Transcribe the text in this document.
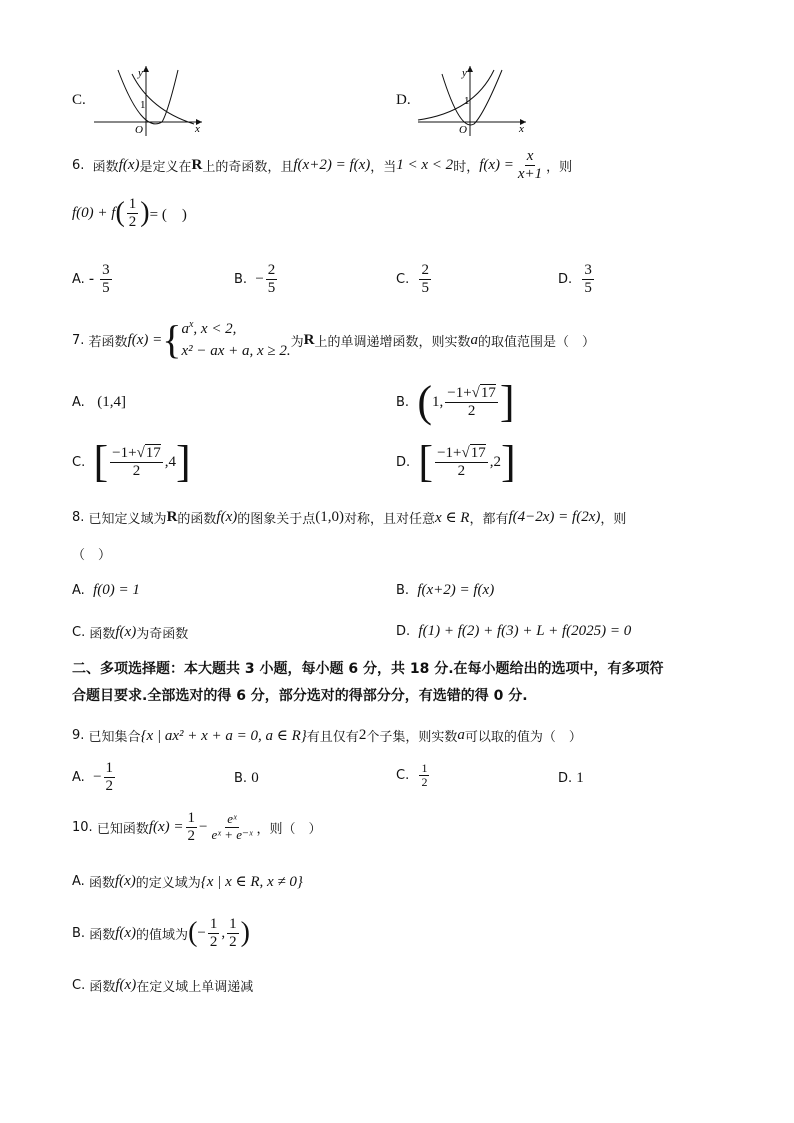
C.
y
x
O
1	D.
y
x
O
1
6.
函数 f(x) 是定义在 R 上的奇函数，且 f(x+2) = f(x) ，当 1 < x < 2 时， $f(x) = \frac{x}{x+1}$ ，则
f(0) + f ( $\frac{1}{2}$ ) = (　)
A.
-
$\frac{3}{5}$	B.
− $\frac{2}{5}$	C.
$\frac{2}{5}$	D.
$\frac{3}{5}$
7.
若函数 f(x) = { $a^x$, x < 2,
x² − ax + a, x ≥ 2.
为 R 上的单调递增函数，则实数 a 的取值范围是（　）
A.
(1,4]	B.
( 1, $\frac{-1+√17}{2}$ ]
C.
[ $\frac{-1+√17}{2} ,4$ ]	D.
[ $\frac{-1+√17}{2} ,2$ ]
8.
已知定义域为 R 的函数 f(x) 的图象关于点 (1,0) 对称，且对任意 x ∈ R ，都有 f(4−2x) = f(2x) ，则
（　）
A.
f(0) = 1	B.
f(x+2) = f(x)
C.
函数 f(x) 为奇函数	D.
f(1) + f(2) + f(3) + L + f(2025) = 0
二、多项选择题：本大题共 3 小题，每小题 6 分，共 18 分.在每小题给出的选项中，有多项符
合题目要求.全部选对的得 6 分，部分选对的得部分分，有选错的得 0 分.
9.
已知集合 {x | ax² + x + a = 0, a ∈ R} 有且仅有 2 个子集，则实数 a 可以取的值为（　）
A.
− $\frac{1}{2}$	B.
0	C.
$\frac{1}{2}$	D.
1
10.
已知函数 $f(x) = \frac{1}{2} - \frac{\text{eˣ}}{\text{eˣ + e⁻ˣ}}$ ，则（　）
A.
函数 f(x) 的定义域为 {x | x ∈ R, x ≠ 0}
B.
函数 f(x) 的值域为 ( − $\frac{1}{2}$ , $\frac{1}{2}$ )
C.
函数 f(x) 在定义域上单调递减
